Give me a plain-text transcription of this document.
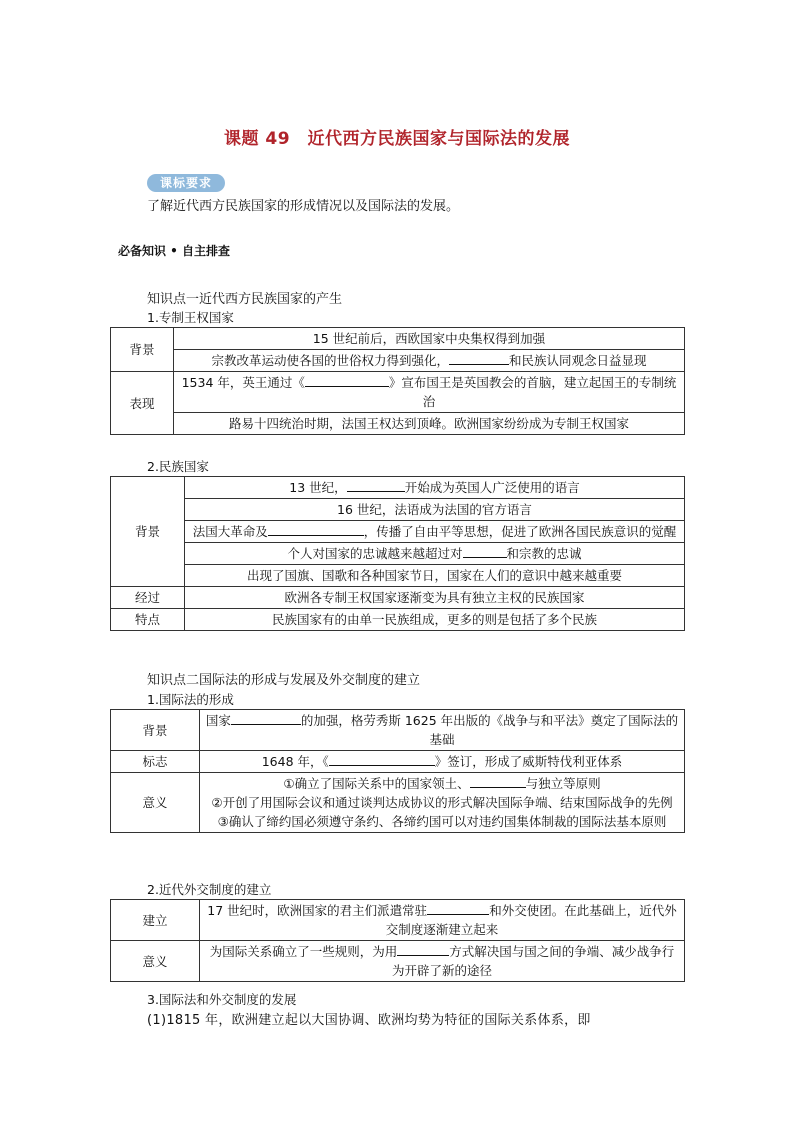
课题 49　近代西方民族国家与国际法的发展
课标要求
了解近代西方民族国家的形成情况以及国际法的发展。
必备知识 • 自主排查
知识点一近代西方民族国家的产生
1.专制王权国家
背景	15 世纪前后，西欧国家中央集权得到加强
	宗教改革运动使各国的世俗权力得到强化， 和民族认同观念日益显现
表现	1534 年，英王通过《 》宣布国王是英国教会的首脑，建立起国王的专制统治
	路易十四统治时期，法国王权达到顶峰。欧洲国家纷纷成为专制王权国家
2.民族国家
背景	13 世纪， 开始成为英国人广泛使用的语言
	16 世纪，法语成为法国的官方语言
	法国大革命及 ，传播了自由平等思想，促进了欧洲各国民族意识的觉醒
	个人对国家的忠诚越来越超过对 和宗教的忠诚
	出现了国旗、国歌和各种国家节日，国家在人们的意识中越来越重要
经过	欧洲各专制王权国家逐渐变为具有独立主权的民族国家
特点	民族国家有的由单一民族组成，更多的则是包括了多个民族
知识点二国际法的形成与发展及外交制度的建立
1.国际法的形成
背景	国家 的加强，格劳秀斯 1625 年出版的《战争与和平法》奠定了国际法的基础
标志	1648 年，《 》签订，形成了威斯特伐利亚体系
意义	①确立了国际关系中的国家领土、 与独立等原则
②开创了用国际会议和通过谈判达成协议的形式解决国际争端、结束国际战争的先例
③确认了缔约国必须遵守条约、各缔约国可以对违约国集体制裁的国际法基本原则
2.近代外交制度的建立
建立	17 世纪时，欧洲国家的君主们派遣常驻 和外交使团。在此基础上，近代外交制度逐渐建立起来
意义	为国际关系确立了一些规则，为用 方式解决国与国之间的争端、减少战争行为开辟了新的途径
3.国际法和外交制度的发展
(1)1815 年，欧洲建立起以大国协调、欧洲均势为特征的国际关系体系，即
